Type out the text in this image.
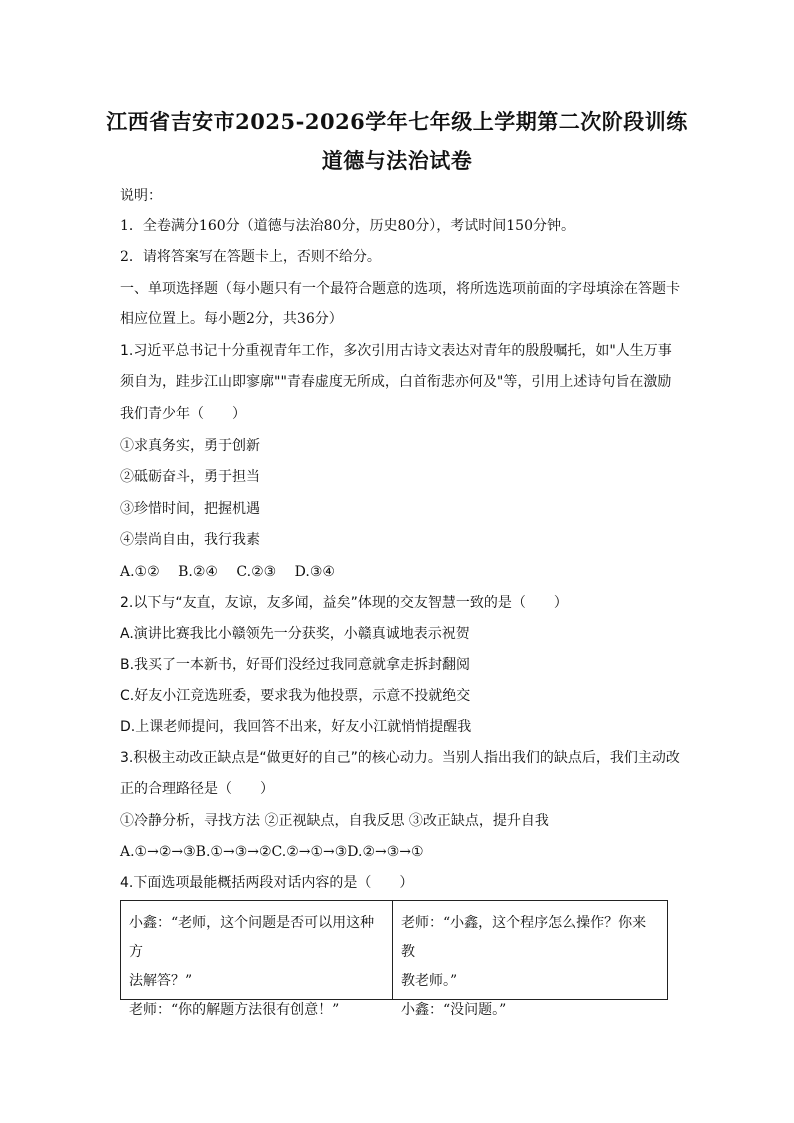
江西省吉安市2025-2026学年七年级上学期第二次阶段训练
道德与法治试卷
说明：
1．全卷满分160分（道德与法治80分，历史80分），考试时间150分钟。
2．请将答案写在答题卡上，否则不给分。
一、单项选择题（每小题只有一个最符合题意的选项，将所选选项前面的字母填涂在答题卡
相应位置上。每小题2分，共36分）
1.习近平总书记十分重视青年工作，多次引用古诗文表达对青年的殷殷嘱托，如"人生万事
须自为，跬步江山即寥廓""青春虚度无所成，白首衔悲亦何及"等，引用上述诗句旨在激励
我们青少年（　　）
①求真务实，勇于创新
②砥砺奋斗，勇于担当
③珍惜时间，把握机遇
④崇尚自由，我行我素
A.①② B.②④ C.②③ D.③④
2.以下与“友直，友谅，友多闻，益矣”体现的交友智慧一致的是（　　）
A.演讲比赛我比小赣领先一分获奖，小赣真诚地表示祝贺
B.我买了一本新书，好哥们没经过我同意就拿走拆封翻阅
C.好友小江竞选班委，要求我为他投票，示意不投就绝交
D.上课老师提问，我回答不出来，好友小江就悄悄提醒我
3.积极主动改正缺点是“做更好的自己”的核心动力。当别人指出我们的缺点后，我们主动改
正的合理路径是（　　）
①冷静分析，寻找方法 ②正视缺点，自我反思 ③改正缺点，提升自我
A.①→②→③B.①→③→②C.②→①→③D.②→③→①
4.下面选项最能概括两段对话内容的是（　　）

小鑫：“老师，这个问题是否可以用这种方

法解答？”

老师：“你的解题方法很有创意！”

老师：“小鑫，这个程序怎么操作？你来教

教老师。”

小鑫：“没问题。”
